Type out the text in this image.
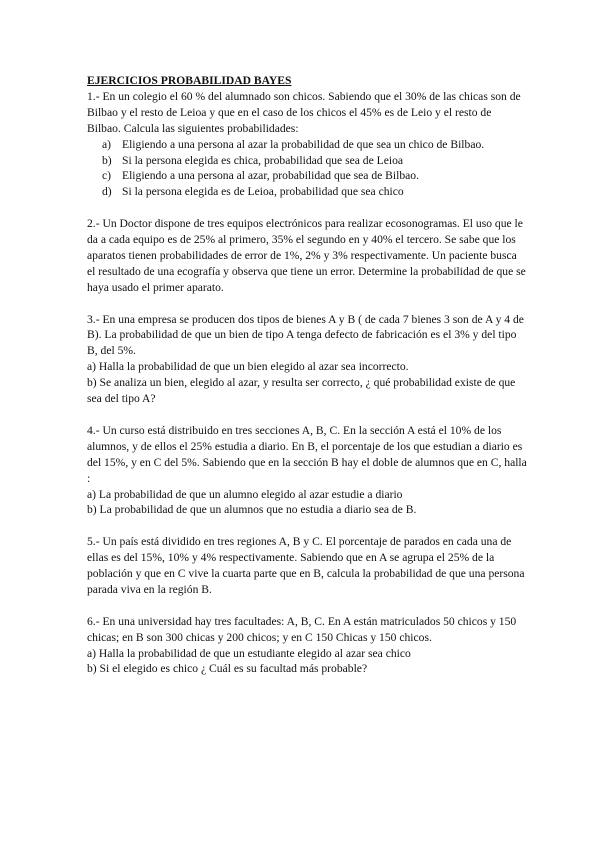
EJERCICIOS PROBABILIDAD BAYES

1.- En un colegio el 60 % del alumnado son chicos. Sabiendo que el 30% de las chicas son de Bilbao y el resto de Leioa y que en el caso de los chicos el 45% es de Leio y el resto de Bilbao. Calcula las siguientes probabilidades:

a) Eligiendo a una persona al azar la probabilidad de que sea un chico de Bilbao.
b) Si la persona elegida es chica, probabilidad que sea de Leioa
c) Eligiendo a una persona al azar, probabilidad que sea de Bilbao.
d) Si la persona elegida es de Leioa, probabilidad que sea chico

2.- Un Doctor dispone de tres equipos electrónicos para realizar ecosonogramas. El uso que le da a cada equipo es de 25% al primero, 35% el segundo en y 40% el tercero. Se sabe que los aparatos tienen probabilidades de error de 1%, 2% y 3% respectivamente. Un paciente busca el resultado de una ecografía y observa que tiene un error. Determine la probabilidad de que se haya usado el primer aparato.

3.- En una empresa se producen dos tipos de bienes A y B ( de cada 7 bienes 3 son de A y 4 de B). La probabilidad de que un bien de tipo A tenga defecto de fabricación es el 3% y del tipo B, del 5%.

a) Halla la probabilidad de que un bien elegido al azar sea incorrecto.

b) Se analiza un bien, elegido al azar, y resulta ser correcto, ¿ qué probabilidad existe de que sea del tipo A?

4.- Un curso está distribuido en tres secciones A, B, C. En la sección A está el 10% de los alumnos, y de ellos el 25% estudia a diario. En B, el porcentaje de los que estudian a diario es del 15%, y en C del 5%. Sabiendo que en la sección B hay el doble de alumnos que en C, halla :

a) La probabilidad de que un alumno elegido al azar estudie a diario

b) La probabilidad de que un alumnos que no estudia a diario sea de B.

5.- Un país está dividido en tres regiones A, B y C. El porcentaje de parados en cada una de ellas es del 15%, 10% y 4% respectivamente. Sabiendo que en A se agrupa el 25% de la población y que en C vive la cuarta parte que en B, calcula la probabilidad de que una persona parada viva en la región B.

6.- En una universidad hay tres facultades: A, B, C. En A están matriculados 50 chicos y 150 chicas; en B son 300 chicas y 200 chicos; y en C 150 Chicas y 150 chicos.

a) Halla la probabilidad de que un estudiante elegido al azar sea chico

b) Si el elegido es chico ¿ Cuál es su facultad más probable?
